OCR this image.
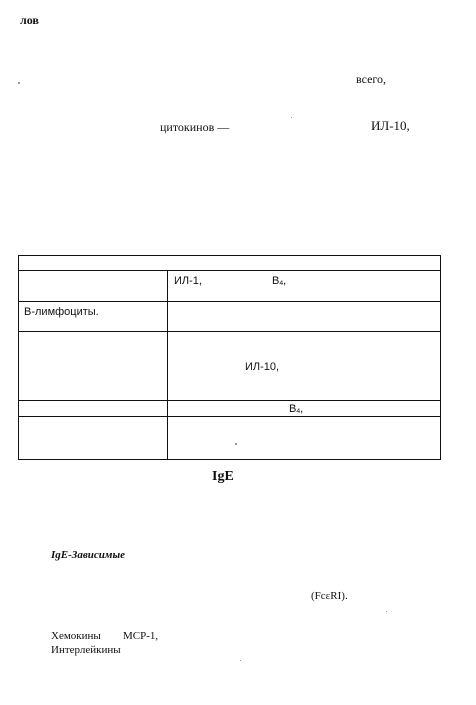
лов
всего,
цитокинов —	ИЛ-10,
ИЛ-1,	B4,
B-лимфоциты.
ИЛ-10,
B4,
IgE
IgE-Зависимые
(FcεRI).
Хемокины MCP-1,
Интерлейкины
